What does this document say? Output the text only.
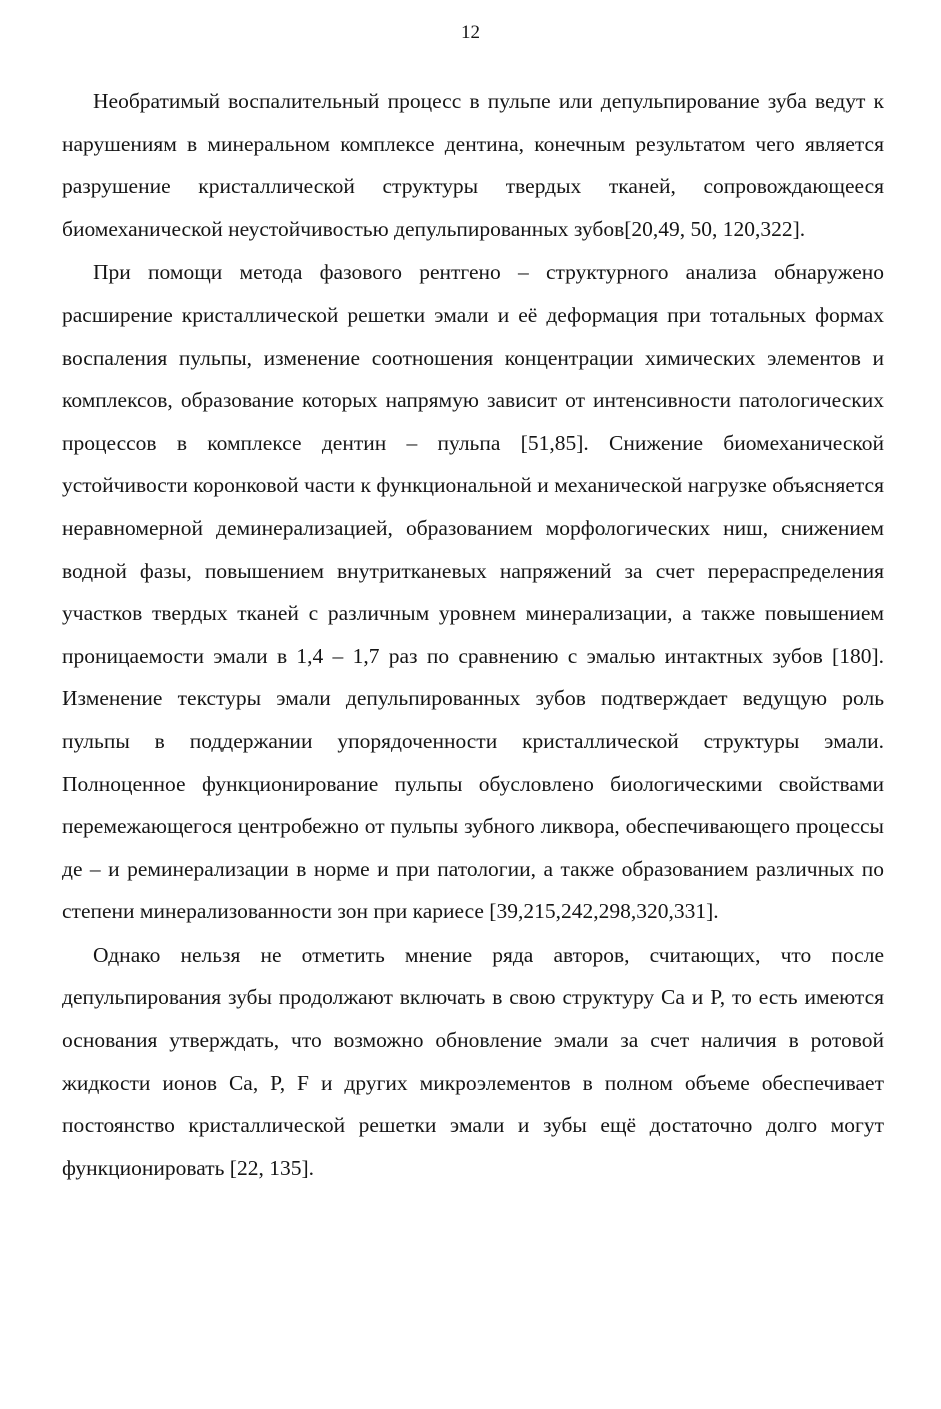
12

Необратимый воспалительный процесс в пульпе или депульпирование зуба ведут к нарушениям в минеральном комплексе дентина, конечным результатом чего является разрушение кристаллической структуры твердых тканей, сопровождающееся биомеханической неустойчивостью депульпированных зубов[20,49, 50, 120,322].

При помощи метода фазового рентгено – структурного анализа обнаружено расширение кристаллической решетки эмали и её деформация при тотальных формах воспаления пульпы, изменение соотношения концентрации химических элементов и комплексов, образование которых напрямую зависит от интенсивности патологических процессов в комплексе дентин – пульпа [51,85]. Снижение биомеханической устойчивости коронковой части к функциональной и механической нагрузке объясняется неравномерной деминерализацией, образованием морфологических ниш, снижением водной фазы, повышением внутритканевых напряжений за счет перераспределения участков твердых тканей с различным уровнем минерализации, а также повышением проницаемости эмали в 1,4 – 1,7 раз по сравнению с эмалью интактных зубов [180]. Изменение текстуры эмали депульпированных зубов подтверждает ведущую роль пульпы в поддержании упорядоченности кристаллической структуры эмали. Полноценное функционирование пульпы обусловлено биологическими свойствами перемежающегося центробежно от пульпы зубного ликвора, обеспечивающего процессы де – и реминерализации в норме и при патологии, а также образованием различных по степени минерализованности зон при кариесе [39,215,242,298,320,331].

Однако нельзя не отметить мнение ряда авторов, считающих, что после депульпирования зубы продолжают включать в свою структуру Ca и P, то есть имеются основания утверждать, что возможно обновление эмали за счет наличия в ротовой жидкости ионов Ca, P, F и других микроэлементов в полном объеме обеспечивает постоянство кристаллической решетки эмали и зубы ещё достаточно долго могут функционировать [22, 135].
